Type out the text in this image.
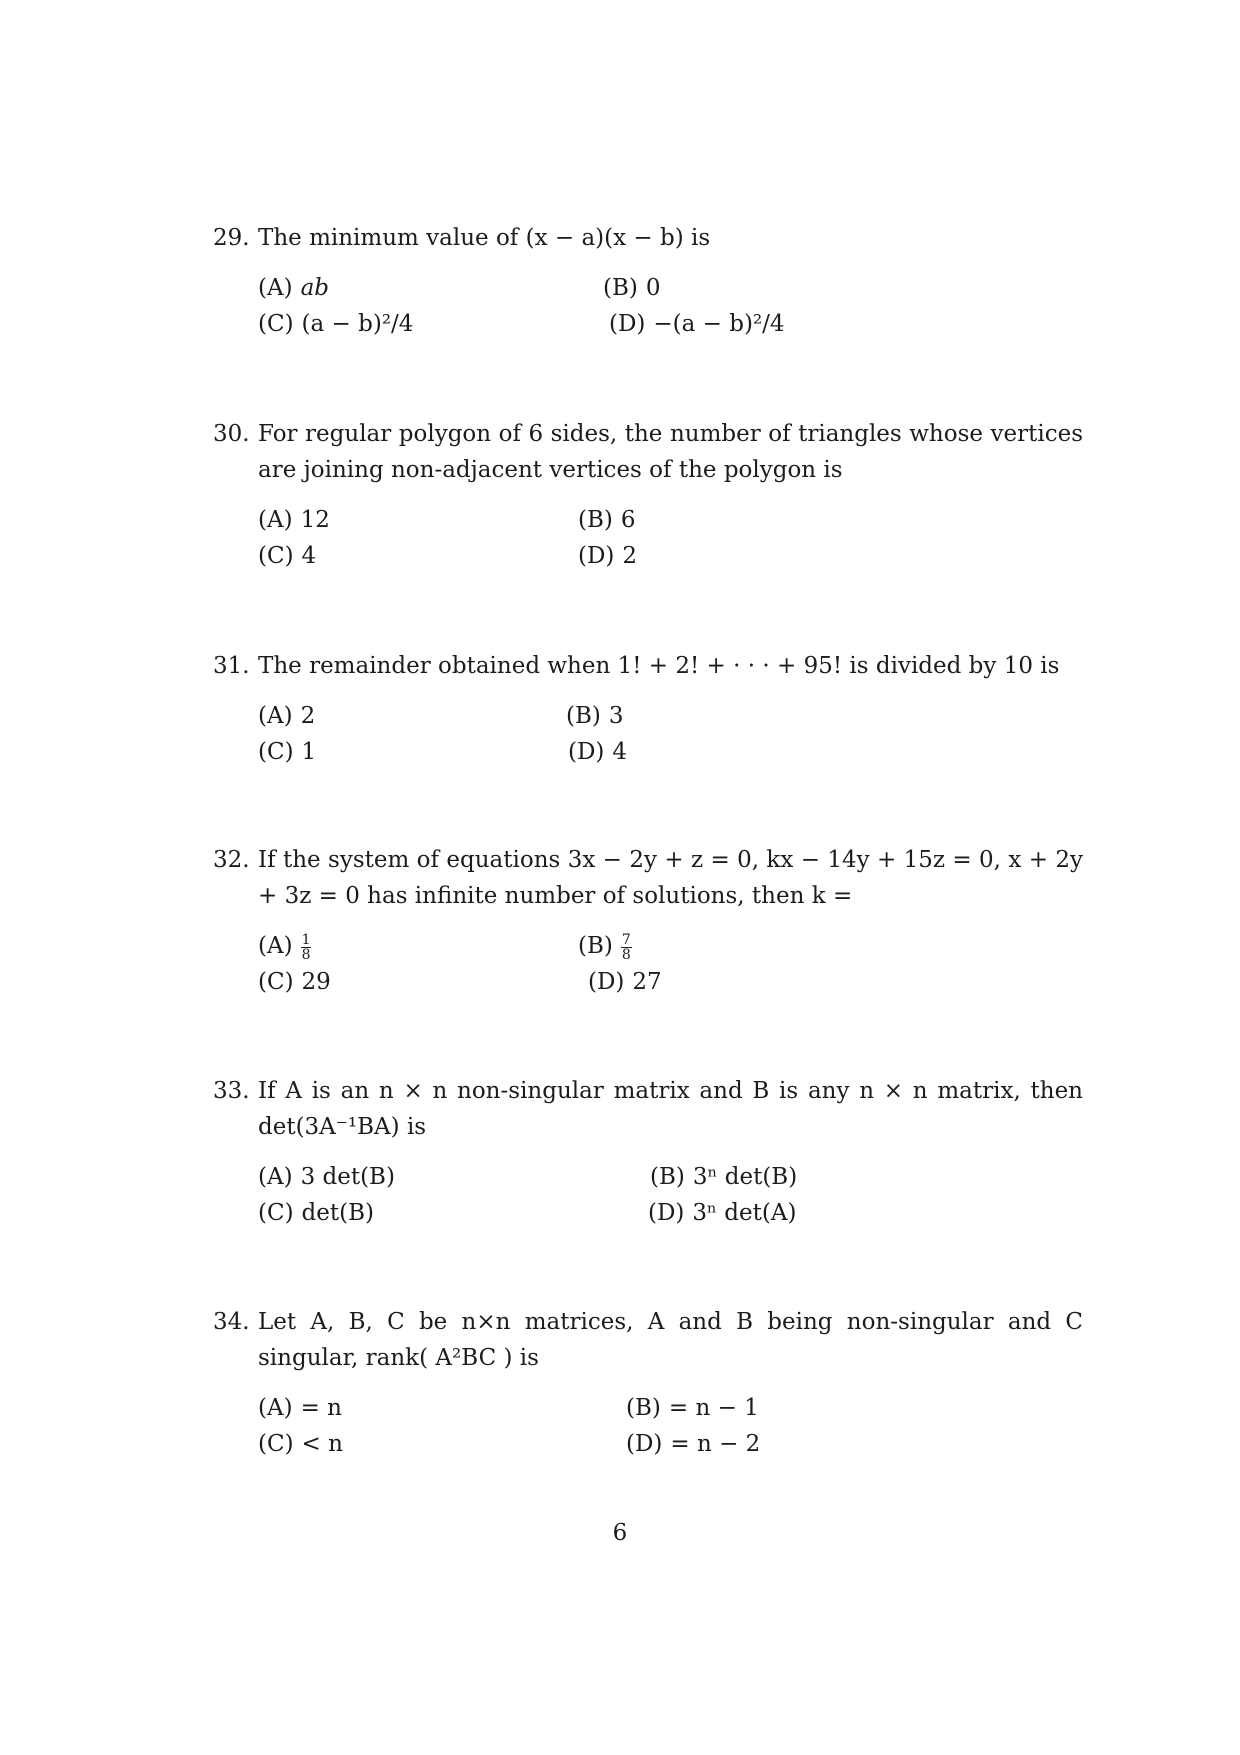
29. The minimum value of (x − a)(x − b) is
(A) ab	(B) 0
(C) (a − b)²/4	(D) −(a − b)²/4
30. For regular polygon of 6 sides, the number of triangles whose vertices are joining non-adjacent vertices of the polygon is
(A) 12	(B) 6
(C) 4	(D) 2
31. The remainder obtained when 1! + 2! + · · · + 95! is divided by 10 is
(A) 2	(B) 3
(C) 1	(D) 4
32. If the system of equations 3x − 2y + z = 0, kx − 14y + 15z = 0, x + 2y + 3z = 0 has infinite number of solutions, then k =
$(A) \frac{1}{8}$	$(B) \frac{7}{8}$
(C) 29	(D) 27
33. If A is an n × n non-singular matrix and B is any n × n matrix, then det(3A⁻¹BA) is
(A) 3 det(B)	(B) 3ⁿ det(B)
(C) det(B)	(D) 3ⁿ det(A)
34. Let A, B, C be n×n matrices, A and B being non-singular and C singular, rank( A²BC ) is
(A) = n	(B) = n − 1
(C) < n	(D) = n − 2
6
